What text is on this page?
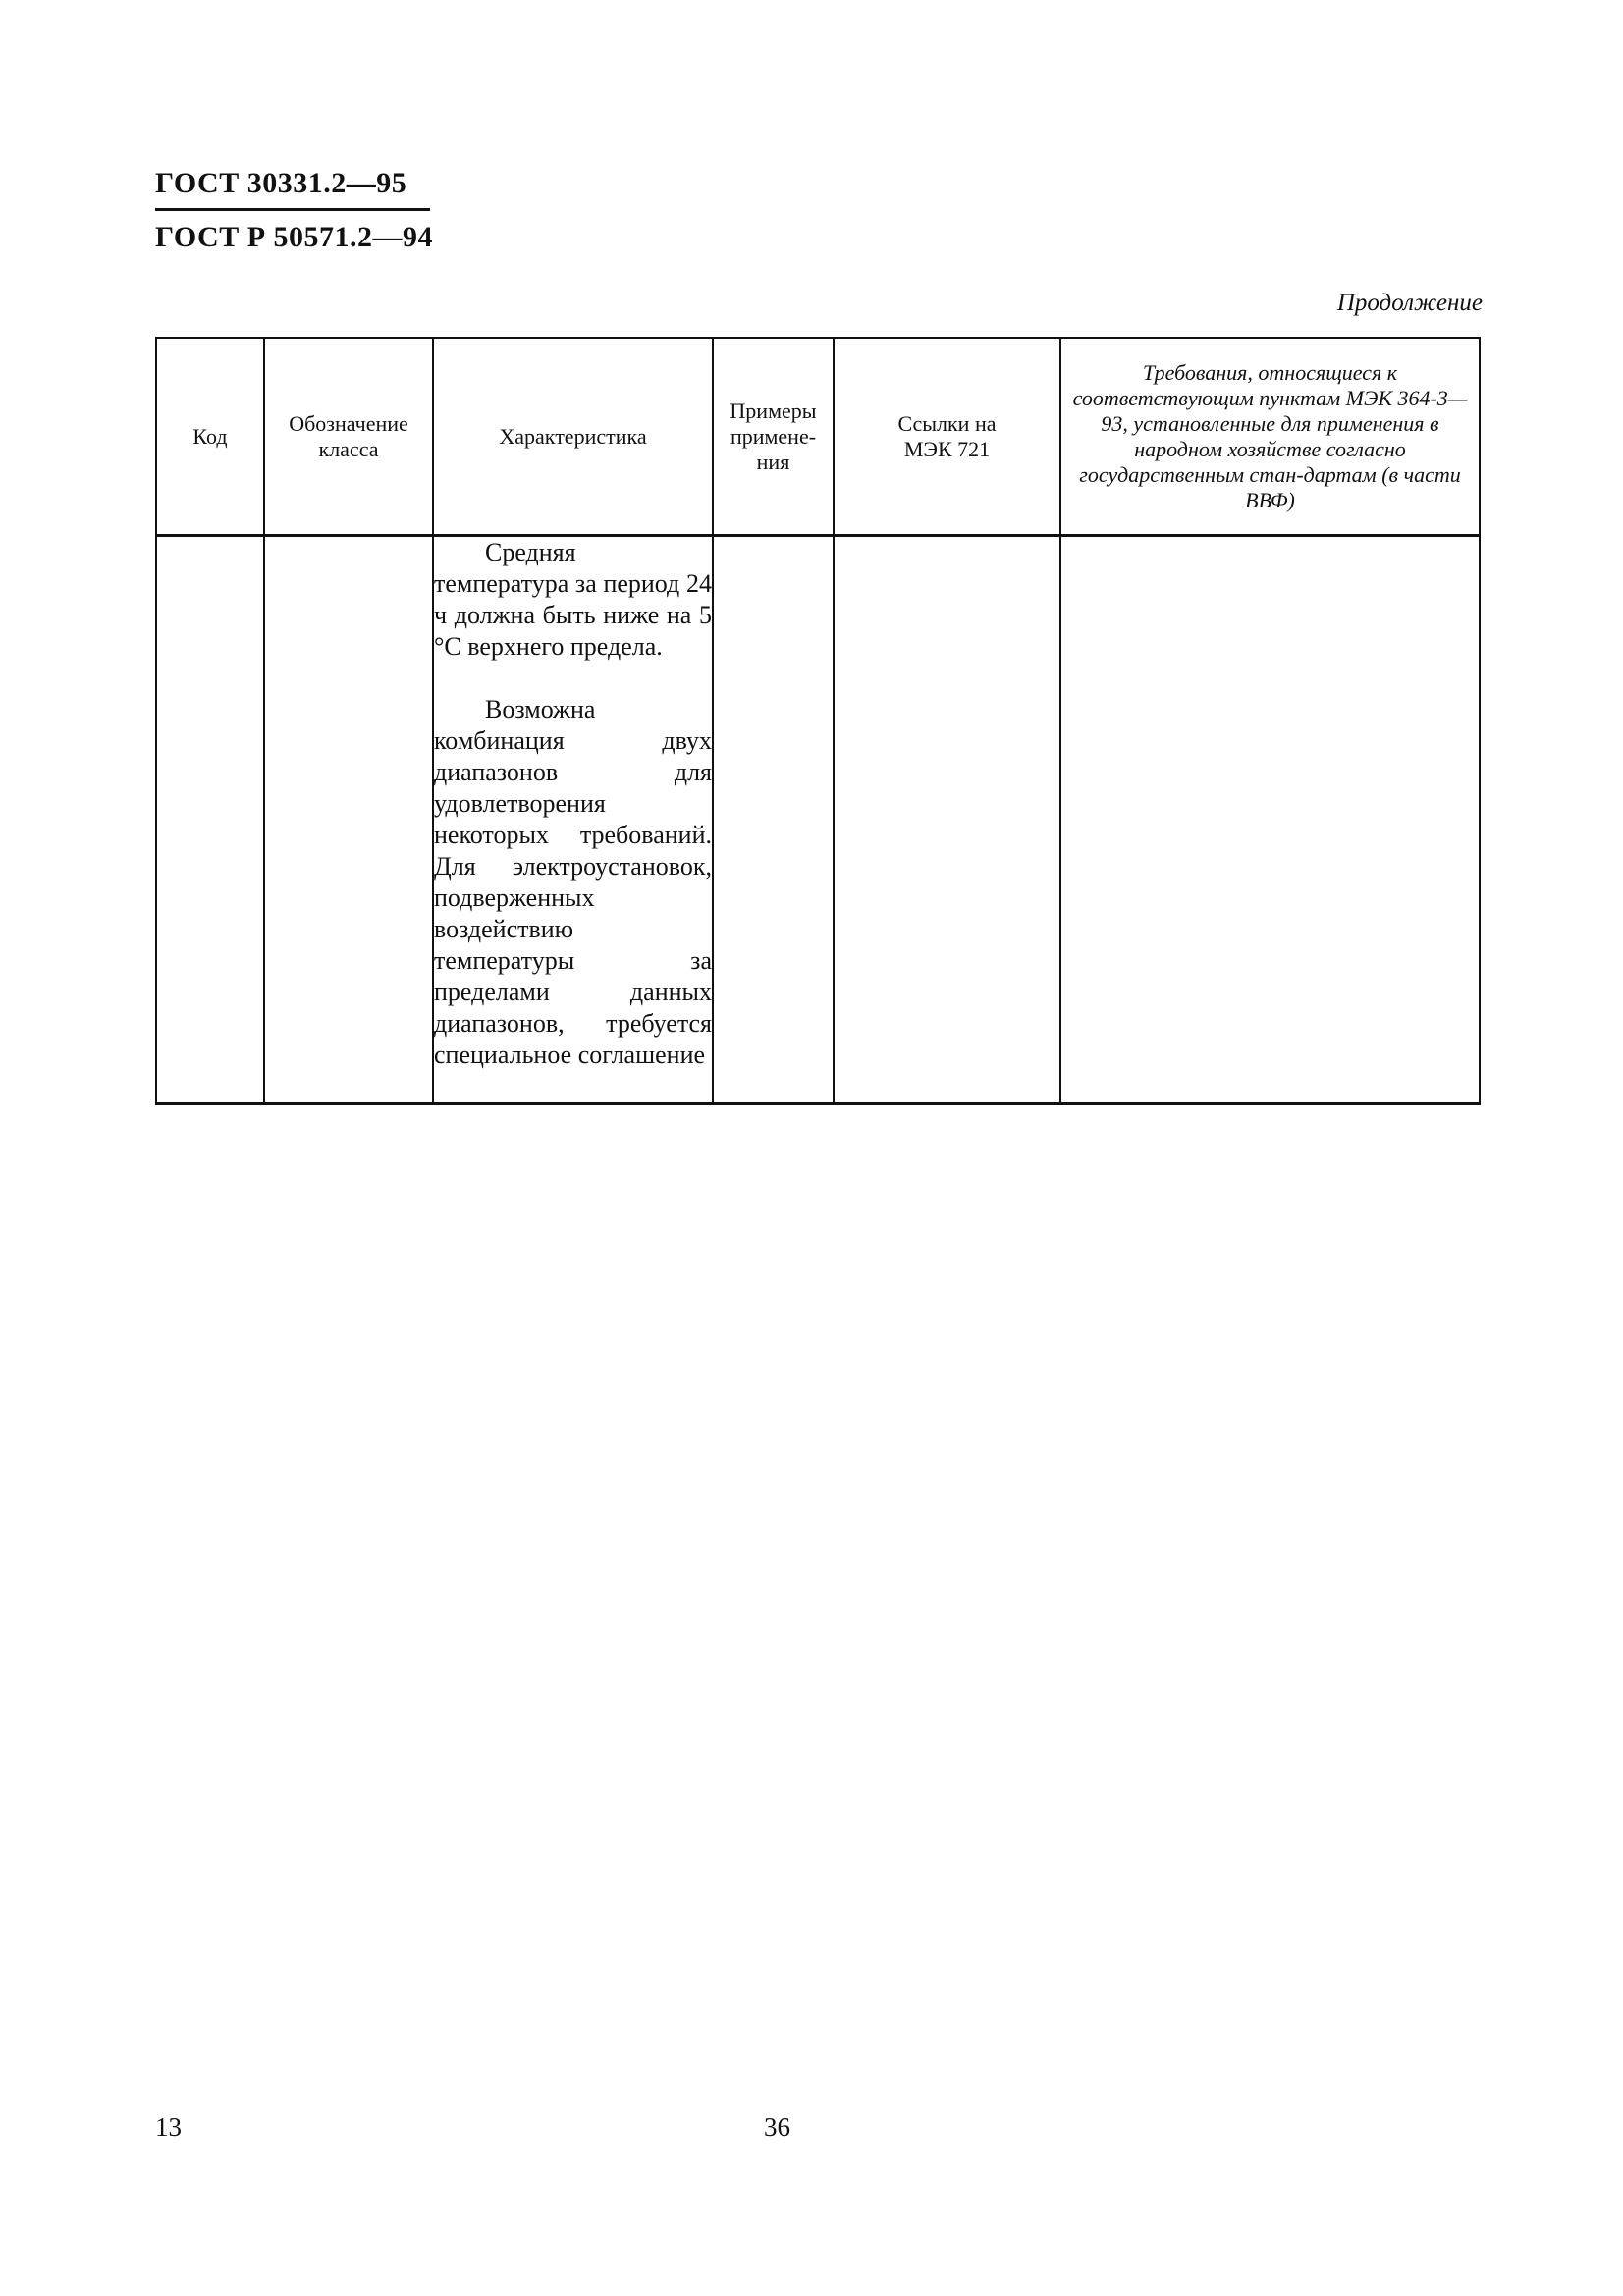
ГОСТ 30331.2—95
ГОСТ Р 50571.2—94
Продолжение
Код	Обозначение класса	Характеристика	Примеры примене-ния	Ссылки на МЭК 721	Требования, относящиеся к соответствующим пунктам МЭК 364-3—93, установленные для применения в народном хозяйстве согласно государственным стан-дартам (в части ВВФ)

		Средняя температура за период 24 ч должна быть ниже на 5 °С верхнего предела.

Возможна комбинация двух диапазонов для удовлетворения некоторых требований. Для электроустановок, подверженных воздействию температуры за пределами данных диапазонов, требуется специальное соглашение			

13	36
